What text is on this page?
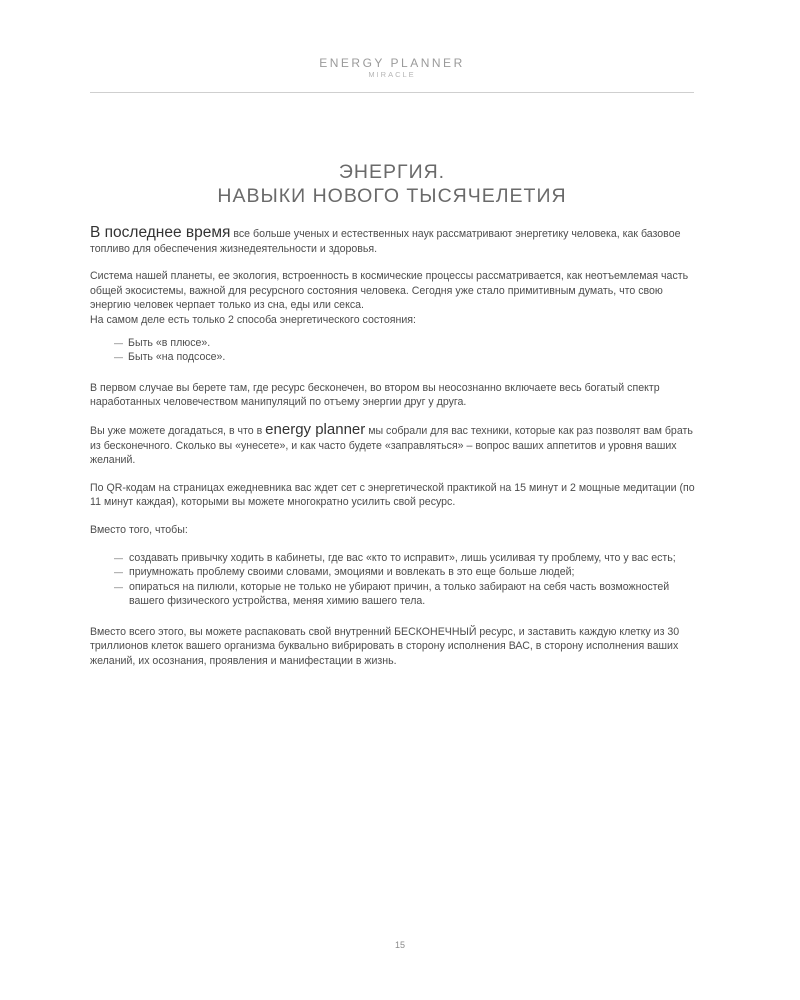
ENERGY PLANNER
MIRACLE
ЭНЕРГИЯ.
НАВЫКИ НОВОГО ТЫСЯЧЕЛЕТИЯ

В последнее время все больше ученых и естественных наук рассматривают энергетику человека, как базовое топливо для обеспечения жизнедеятельности и здоровья.

Система нашей планеты, ее экология, встроенность в космические процессы рассматривается, как неотъемлемая часть общей экосистемы, важной для ресурсного состояния человека. Сегодня уже стало примитивным думать, что свою энергию человек черпает только из сна, еды или секса.

На самом деле есть только 2 способа энергетического состояния:

— Быть «в плюсе».
— Быть «на подсосе».

В первом случае вы берете там, где ресурс бесконечен, во втором вы неосознанно включаете весь богатый спектр наработанных человечеством манипуляций по отъему энергии друг у друга.

Вы уже можете догадаться, в что в energy planner мы собрали для вас техники, которые как раз позволят вам брать из бесконечного. Сколько вы «унесете», и как часто будете «заправляться» – вопрос ваших аппетитов и уровня ваших желаний.

По QR-кодам на страницах ежедневника вас ждет сет с энергетической практикой на 15 минут и 2 мощные медитации (по 11 минут каждая), которыми вы можете многократно усилить свой ресурс.

Вместо того, чтобы:

— создавать привычку ходить в кабинеты, где вас «кто то исправит», лишь усиливая ту проблему, что у вас есть;
— приумножать проблему своими словами, эмоциями и вовлекать в это еще больше людей;
— опираться на пилюли, которые не только не убирают причин, а только забирают на себя часть возможностей вашего физического устройства, меняя химию вашего тела.

Вместо всего этого, вы можете распаковать свой внутренний БЕСКОНЕЧНЫЙ ресурс, и заставить каждую клетку из 30 триллионов клеток вашего организма буквально вибрировать в сторону исполнения ВАС, в сторону исполнения ваших желаний, их осознания, проявления и манифестации в жизнь.

15
